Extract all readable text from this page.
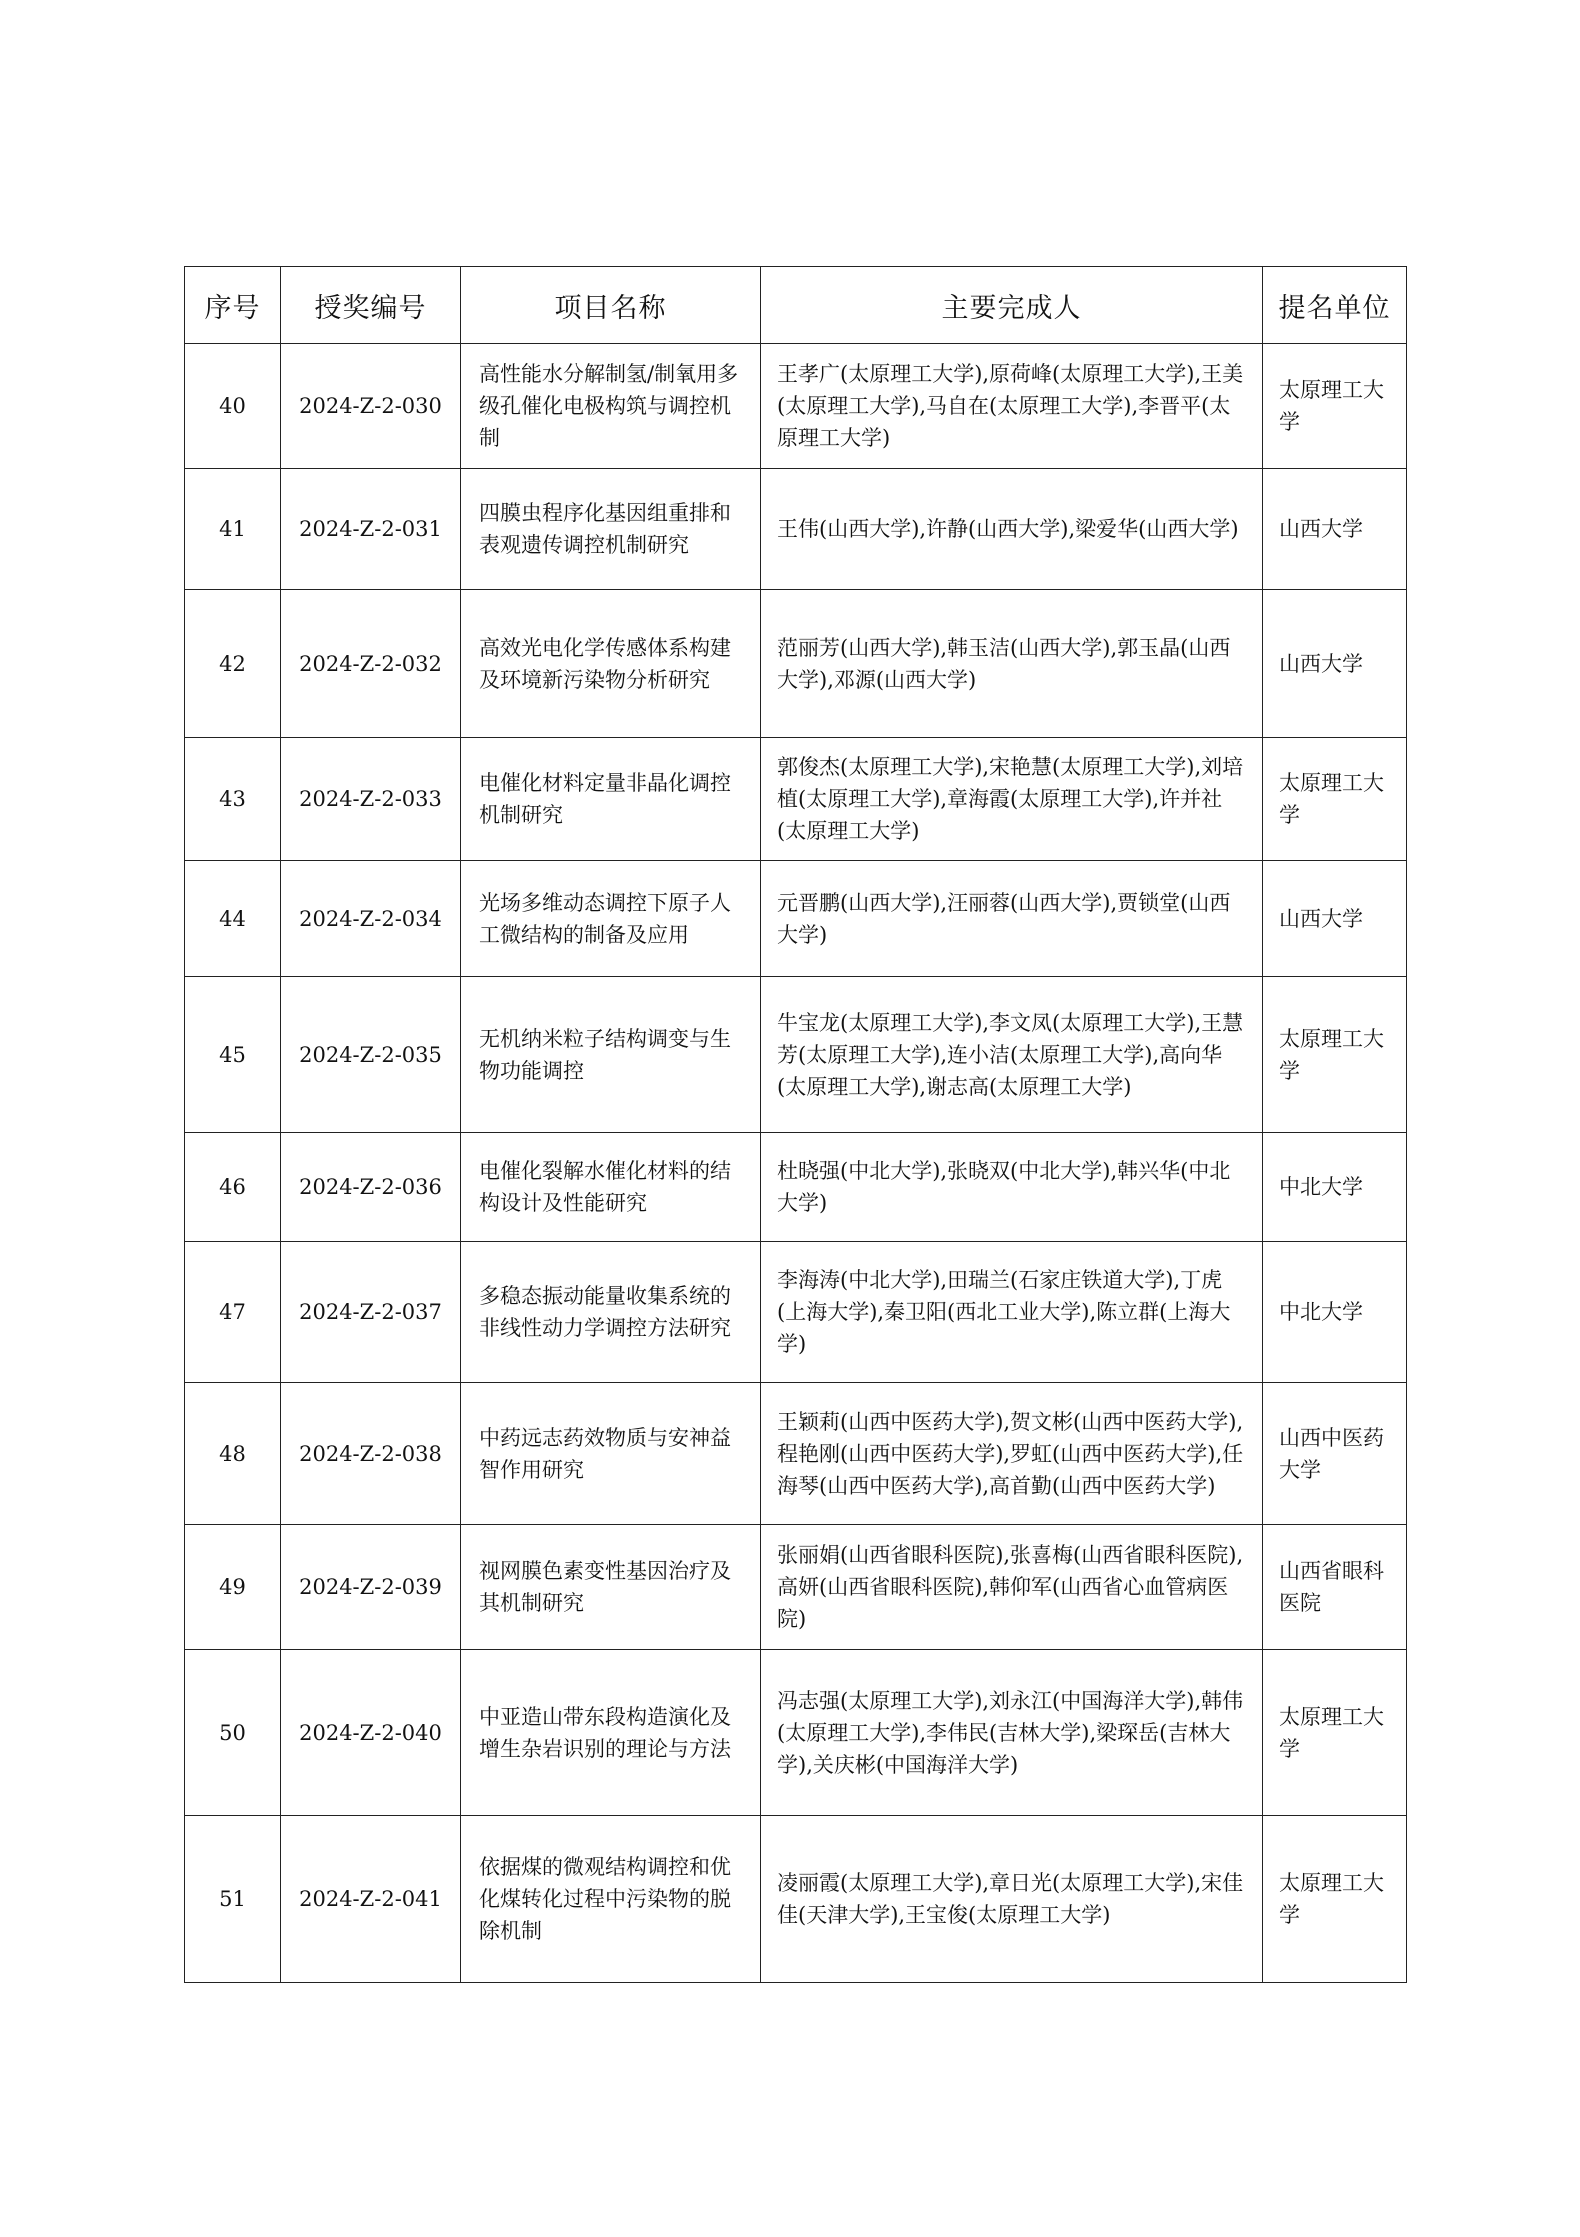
序号	授奖编号	项目名称	主要完成人	提名单位
40	2024-Z-2-030	高性能水分解制氢/制氧用多级孔催化电极构筑与调控机制	王孝广(太原理工大学),原荷峰(太原理工大学),王美(太原理工大学),马自在(太原理工大学),李晋平(太原理工大学)	太原理工大学

41	2024-Z-2-031	四膜虫程序化基因组重排和表观遗传调控机制研究	王伟(山西大学),许静(山西大学),梁爱华(山西大学)	山西大学

42	2024-Z-2-032	高效光电化学传感体系构建及环境新污染物分析研究	范丽芳(山西大学),韩玉洁(山西大学),郭玉晶(山西大学),邓源(山西大学)	山西大学

43	2024-Z-2-033	电催化材料定量非晶化调控机制研究	郭俊杰(太原理工大学),宋艳慧(太原理工大学),刘培植(太原理工大学),章海霞(太原理工大学),许并社(太原理工大学)	太原理工大学

44	2024-Z-2-034	光场多维动态调控下原子人工微结构的制备及应用	元晋鹏(山西大学),汪丽蓉(山西大学),贾锁堂(山西大学)	山西大学

45	2024-Z-2-035	无机纳米粒子结构调变与生物功能调控	牛宝龙(太原理工大学),李文凤(太原理工大学),王慧芳(太原理工大学),连小洁(太原理工大学),高向华(太原理工大学),谢志高(太原理工大学)	太原理工大学

46	2024-Z-2-036	电催化裂解水催化材料的结构设计及性能研究	杜晓强(中北大学),张晓双(中北大学),韩兴华(中北大学)	中北大学

47	2024-Z-2-037	多稳态振动能量收集系统的非线性动力学调控方法研究	李海涛(中北大学),田瑞兰(石家庄铁道大学),丁虎(上海大学),秦卫阳(西北工业大学),陈立群(上海大学)	中北大学

48	2024-Z-2-038	中药远志药效物质与安神益智作用研究	王颖莉(山西中医药大学),贺文彬(山西中医药大学),程艳刚(山西中医药大学),罗虹(山西中医药大学),任海琴(山西中医药大学),高首勤(山西中医药大学)	山西中医药大学

49	2024-Z-2-039	视网膜色素变性基因治疗及其机制研究	张丽娟(山西省眼科医院),张喜梅(山西省眼科医院),高妍(山西省眼科医院),韩仰军(山西省心血管病医院)	山西省眼科医院

50	2024-Z-2-040	中亚造山带东段构造演化及增生杂岩识别的理论与方法	冯志强(太原理工大学),刘永江(中国海洋大学),韩伟(太原理工大学),李伟民(吉林大学),梁琛岳(吉林大学),关庆彬(中国海洋大学)	太原理工大学

51	2024-Z-2-041	依据煤的微观结构调控和优化煤转化过程中污染物的脱除机制	凌丽霞(太原理工大学),章日光(太原理工大学),宋佳佳(天津大学),王宝俊(太原理工大学)	太原理工大学
